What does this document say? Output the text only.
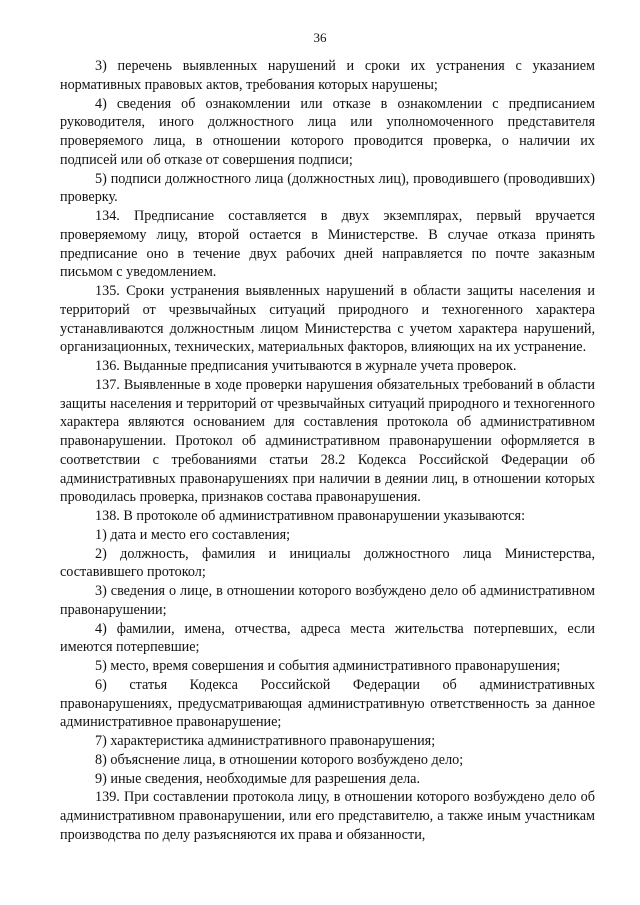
36

3) перечень выявленных нарушений и сроки их устранения с указанием нормативных правовых актов, требования которых нарушены;

4) сведения об ознакомлении или отказе в ознакомлении с предписанием руководителя, иного должностного лица или уполномоченного представителя проверяемого лица, в отношении которого проводится проверка, о наличии их подписей или об отказе от совершения подписи;

5) подписи должностного лица (должностных лиц), проводившего (проводивших) проверку.

134. Предписание составляется в двух экземплярах, первый вручается проверяемому лицу, второй остается в Министерстве. В случае отказа принять предписание оно в течение двух рабочих дней направляется по почте заказным письмом с уведомлением.

135. Сроки устранения выявленных нарушений в области защиты населения и территорий от чрезвычайных ситуаций природного и техногенного характера устанавливаются должностным лицом Министерства с учетом характера нарушений, организационных, технических, материальных факторов, влияющих на их устранение.

136. Выданные предписания учитываются в журнале учета проверок.

137. Выявленные в ходе проверки нарушения обязательных требований в области защиты населения и территорий от чрезвычайных ситуаций природного и техногенного характера являются основанием для составления протокола об административном правонарушении. Протокол об административном правонарушении оформляется в соответствии с требованиями статьи 28.2 Кодекса Российской Федерации об административных правонарушениях при наличии в деянии лиц, в отношении которых проводилась проверка, признаков состава правонарушения.

138. В протоколе об административном правонарушении указываются:

1) дата и место его составления;

2) должность, фамилия и инициалы должностного лица Министерства, составившего протокол;

3) сведения о лице, в отношении которого возбуждено дело об административном правонарушении;

4) фамилии, имена, отчества, адреса места жительства потерпевших, если имеются потерпевшие;

5) место, время совершения и события административного правонарушения;

6) статья Кодекса Российской Федерации об административных правонарушениях, предусматривающая административную ответственность за данное административное правонарушение;

7) характеристика административного правонарушения;

8) объяснение лица, в отношении которого возбуждено дело;

9) иные сведения, необходимые для разрешения дела.

139. При составлении протокола лицу, в отношении которого возбуждено дело об административном правонарушении, или его представителю, а также иным участникам производства по делу разъясняются их права и обязанности,
